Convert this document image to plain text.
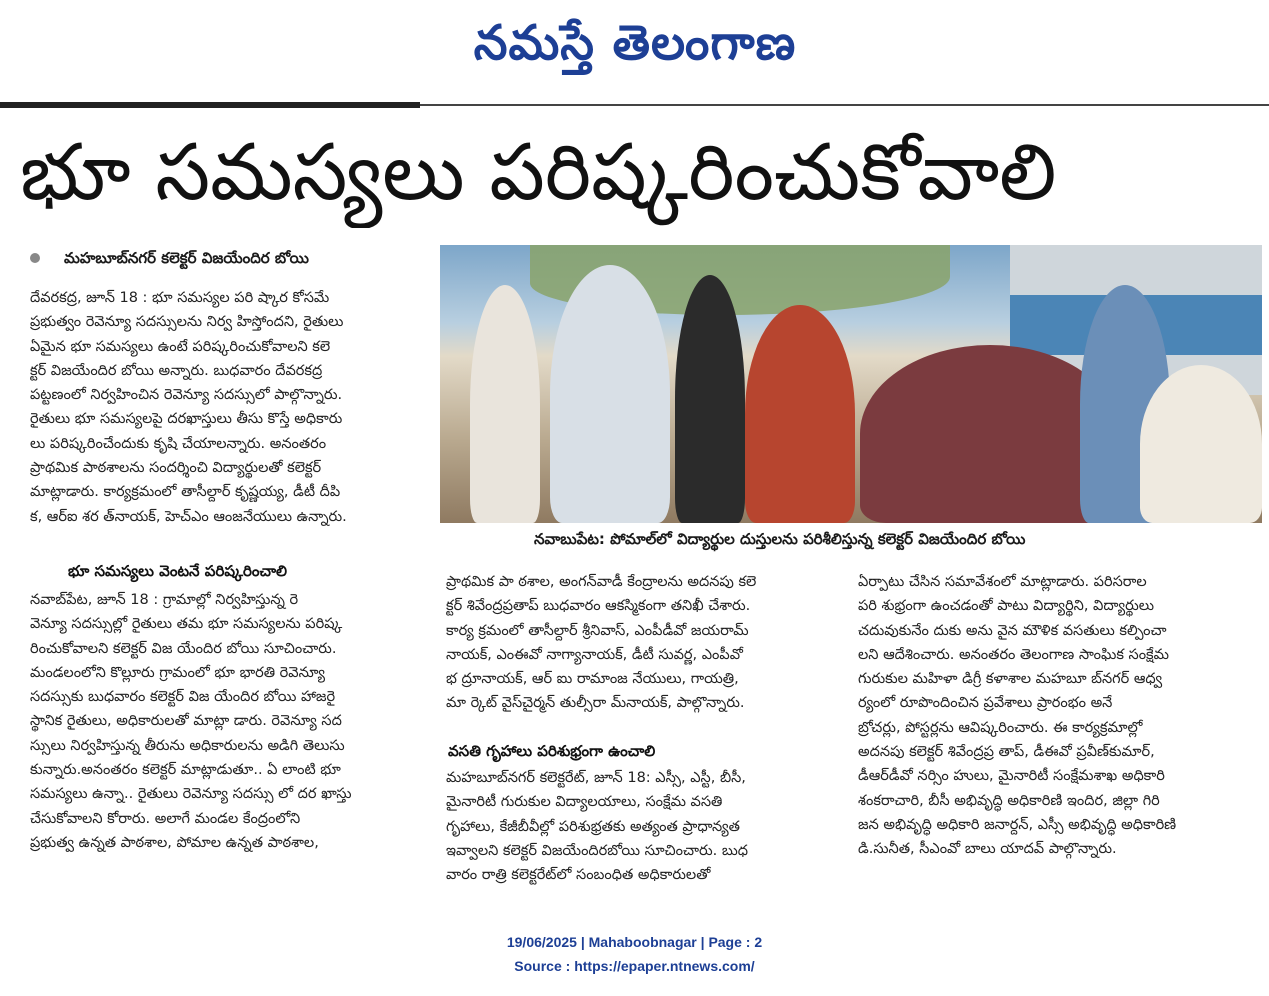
నమస్తే తెలంగాణ
భూ సమస్యలు పరిష్కరించుకోవాలి
మహబూబ్‌నగర్ కలెక్టర్ విజయేందిర బోయి

దేవరకద్ర, జూన్ 18 : భూ సమస్యల పరి ష్కార కోసమే

ప్రభుత్వం రెవెన్యూ సదస్సులను నిర్వ హిస్తోందని, రైతులు

ఏమైన భూ సమస్యలు ఉంటే పరిష్కరించుకోవాలని కలె

క్టర్ విజయేందిర బోయి అన్నారు. బుధవారం దేవరకద్ర

పట్టణంలో నిర్వహించిన రెవెన్యూ సదస్సులో పాల్గొన్నారు.

రైతులు భూ సమస్యలపై దరఖాస్తులు తీసు కొస్తే అధికారు

లు పరిష్కరించేందుకు కృషి చేయాలన్నారు. అనంతరం

ప్రాథమిక పాఠశాలను సందర్శించి విద్యార్థులతో కలెక్టర్

మాట్లాడారు. కార్యక్రమంలో తాసీల్దార్ కృష్ణయ్య, డీటీ దీపి

క, ఆర్‌ఐ శర త్‌నాయక్, హెచ్‌ఎం ఆంజనేయులు ఉన్నారు.

భూ సమస్యలు వెంటనే పరిష్కరించాలి

నవాబ్‌పేట, జూన్ 18 : గ్రామాల్లో నిర్వహిస్తున్న రె

వెన్యూ సదస్సుల్లో రైతులు తమ భూ సమస్యలను పరిష్క

రించుకోవాలని కలెక్టర్ విజ యేందిర బోయి సూచించారు.

మండలంలోని కొల్లూరు గ్రామంలో భూ భారతి రెవెన్యూ

సదస్సుకు బుధవారం కలెక్టర్ విజ యేందిర బోయి హాజరై

స్థానిక రైతులు, అధికారులతో మాట్లా డారు. రెవెన్యూ సద

స్సులు నిర్వహిస్తున్న తీరును అధికారులను అడిగి తెలుసు

కున్నారు.అనంతరం కలెక్టర్ మాట్లాడుతూ.. ఏ లాంటి భూ

సమస్యలు ఉన్నా.. రైతులు రెవెన్యూ సదస్సు లో దర ఖాస్తు

చేసుకోవాలని కోరారు. అలాగే మండల కేంద్రంలోని

ప్రభుత్వ ఉన్నత పాఠశాల, పోమాల ఉన్నత పాఠశాల,

నవాబుపేట: పోమాల్‌లో విద్యార్థుల దుస్తులను పరిశీలిస్తున్న కలెక్టర్ విజయేందిర బోయి

ప్రాథమిక పా ఠశాల, అంగన్‌వాడీ కేంద్రాలను అదనపు కలె

క్టర్ శివేంద్రప్రతాప్ బుధవారం ఆకస్మికంగా తనిఖీ చేశారు.

కార్య క్రమంలో తాసీల్దార్ శ్రీనివాస్, ఎంపీడీవో జయరామ్

నాయక్, ఎంఈవో నాగ్యానాయక్, డీటీ సువర్ణ, ఎంపీవో

భ ద్రూనాయక్, ఆర్ ఐు రామాంజ నేయులు, గాయత్రి,

మా ర్కెట్ వైస్‌చైర్మన్ తుల్సీరా మ్‌నాయక్, పాల్గొన్నారు.

వసతి గృహాలు పరిశుభ్రంగా ఉంచాలి

మహబూబ్‌నగర్ కలెక్టరేట్, జూన్ 18: ఎస్సీ, ఎస్టీ, బీసీ,

మైనారిటీ గురుకుల విద్యాలయాలు, సంక్షేమ వసతి

గృహాలు, కేజీబీవీల్లో పరిశుభ్రతకు అత్యంత ప్రాధాన్యత

ఇవ్వాలని కలెక్టర్ విజయేందిరబోయి సూచించారు. బుధ

వారం రాత్రి కలెక్టరేట్‌లో సంబంధిత అధికారులతో

ఏర్పాటు చేసిన సమావేశంలో మాట్లాడారు. పరిసరాల

పరి శుభ్రంగా ఉంచడంతో పాటు విద్యార్థిని, విద్యార్థులు

చదువుకునేం దుకు అను వైన మౌళిక వసతులు కల్పించా

లని ఆదేశించారు. అనంతరం తెలంగాణ సాంఘిక సంక్షేమ

గురుకుల మహిళా డిగ్రీ కళాశాల మహబూ బ్‌నగర్ ఆధ్వ

ర్యంలో రూపొందించిన ప్రవేశాలు ప్రారంభం అనే

బ్రోచర్లు, పోస్టర్లను ఆవిష్కరించారు. ఈ కార్యక్రమాల్లో

అదనపు కలెక్టర్ శివేంద్రప్ర తాప్, డీఈవో ప్రవీణ్‌కుమార్,

డీఆర్‌డీవో నర్సిం హులు, మైనారిటీ సంక్షేమశాఖ అధికారి

శంకరాచారి, బీసీ అభివృద్ధి అధికారిణి ఇందిర, జిల్లా గిరి

జన అభివృద్ధి అధికారి జనార్దన్, ఎస్సీ అభివృద్ధి అధికారిణి

డి.సునీత, సీఎంవో బాలు యాదవ్ పాల్గొన్నారు.

19/06/2025 | Mahaboobnagar | Page : 2
Source : https://epaper.ntnews.com/
